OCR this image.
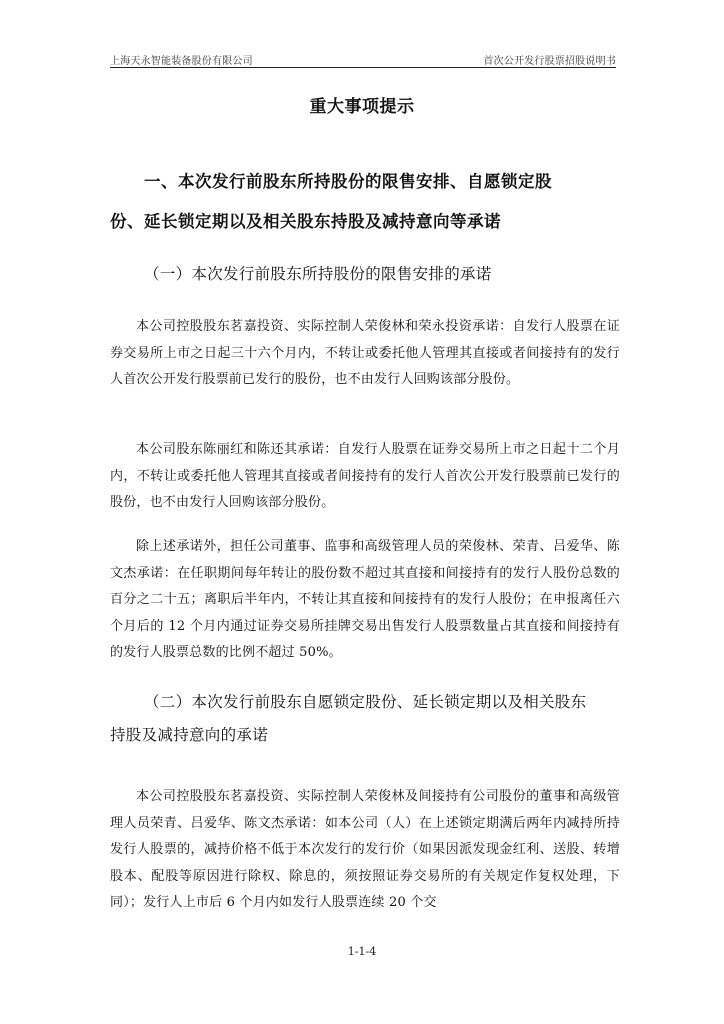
上海天永智能装备股份有限公司	首次公开发行股票招股说明书
重大事项提示
一、本次发行前股东所持股份的限售安排、自愿锁定股
份、延长锁定期以及相关股东持股及减持意向等承诺
（一）本次发行前股东所持股份的限售安排的承诺

本公司控股股东茗嘉投资、实际控制人荣俊林和荣永投资承诺：自发行人股票在证券交易所上市之日起三十六个月内，不转让或委托他人管理其直接或者间接持有的发行人首次公开发行股票前已发行的股份，也不由发行人回购该部分股份。

本公司股东陈丽红和陈还其承诺：自发行人股票在证券交易所上市之日起十二个月内，不转让或委托他人管理其直接或者间接持有的发行人首次公开发行股票前已发行的股份，也不由发行人回购该部分股份。

除上述承诺外，担任公司董事、监事和高级管理人员的荣俊林、荣青、吕爱华、陈文杰承诺：在任职期间每年转让的股份数不超过其直接和间接持有的发行人股份总数的百分之二十五；离职后半年内，不转让其直接和间接持有的发行人股份；在申报离任六个月后的 12 个月内通过证券交易所挂牌交易出售发行人股票数量占其直接和间接持有的发行人股票总数的比例不超过 50%。

（二）本次发行前股东自愿锁定股份、延长锁定期以及相关股东
持股及减持意向的承诺

本公司控股股东茗嘉投资、实际控制人荣俊林及间接持有公司股份的董事和高级管理人员荣青、吕爱华、陈文杰承诺：如本公司（人）在上述锁定期满后两年内减持所持发行人股票的，减持价格不低于本次发行的发行价（如果因派发现金红利、送股、转增股本、配股等原因进行除权、除息的，须按照证券交易所的有关规定作复权处理，下同）；发行人上市后 6 个月内如发行人股票连续 20 个交

1-1-4
